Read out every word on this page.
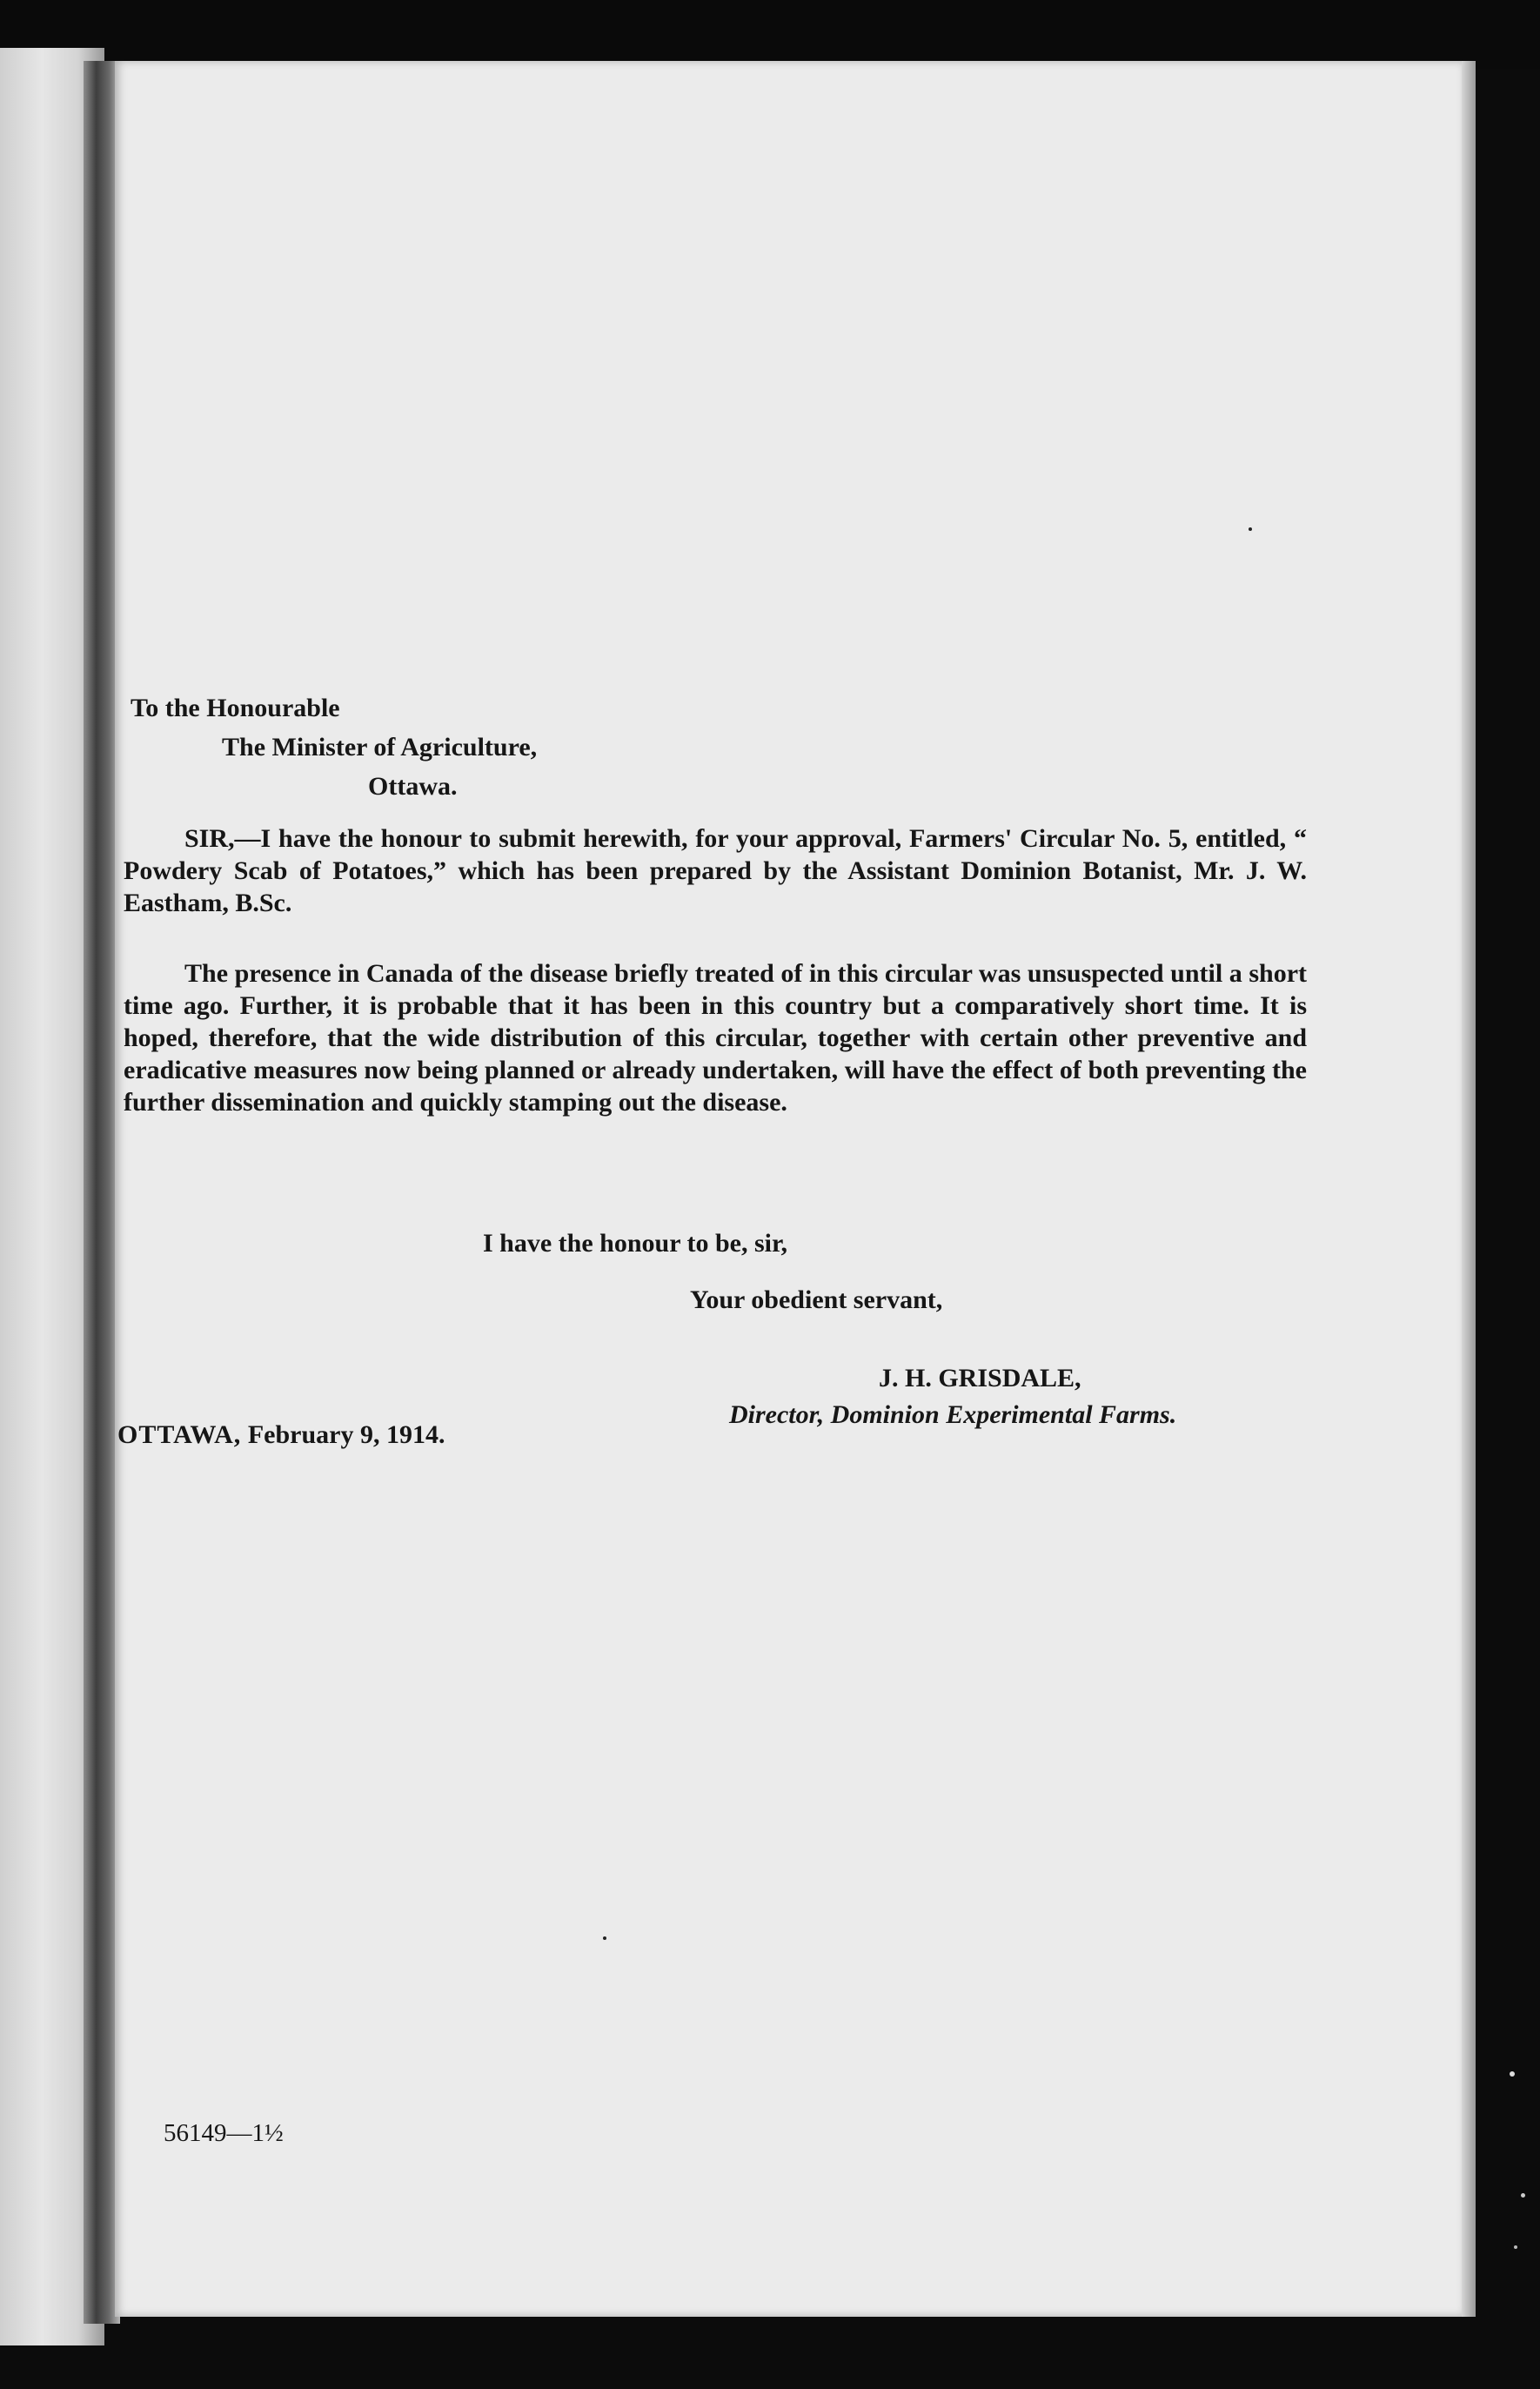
To the Honourable
The Minister of Agriculture,
Ottawa.
SIR,—I have the honour to submit herewith, for your approval, Farmers' Circular No. 5, entitled, “ Powdery Scab of Potatoes,” which has been prepared by the Assistant Dominion Botanist, Mr. J. W. Eastham, B.Sc.
The presence in Canada of the disease briefly treated of in this circular was unsuspected until a short time ago. Further, it is probable that it has been in this country but a comparatively short time. It is hoped, therefore, that the wide distribution of this circular, together with certain other preventive and eradicative measures now being planned or already undertaken, will have the effect of both preventing the further dissemination and quickly stamping out the disease.
I have the honour to be, sir,
Your obedient servant,
J. H. GRISDALE,
Director, Dominion Experimental Farms.
OTTAWA, February 9, 1914.
56149—1½
